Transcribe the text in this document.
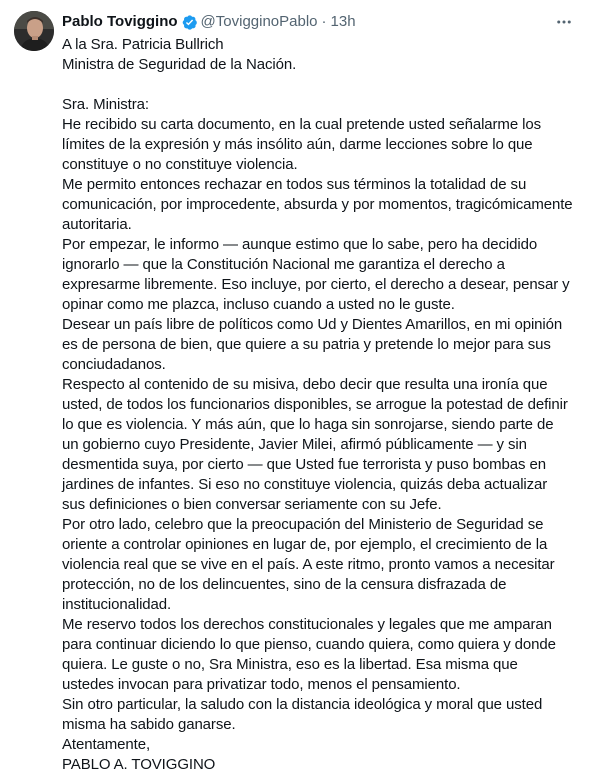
Pablo Toviggino @TovigginoPablo · 13h

A la Sra. Patricia Bullrich

Ministra de Seguridad de la Nación.

Sra. Ministra:

He recibido su carta documento, en la cual pretende usted señalarme los límites de la expresión y más insólito aún, darme lecciones sobre lo que constituye o no constituye violencia.

Me permito entonces rechazar en todos sus términos la totalidad de su comunicación, por improcedente, absurda y por momentos, tragicómicamente autoritaria.

Por empezar, le informo — aunque estimo que lo sabe, pero ha decidido ignorarlo — que la Constitución Nacional me garantiza el derecho a expresarme libremente. Eso incluye, por cierto, el derecho a desear, pensar y opinar como me plazca, incluso cuando a usted no le guste.

Desear un país libre de políticos como Ud y Dientes Amarillos, en mi opinión es de persona de bien, que quiere a su patria y pretende lo mejor para sus conciudadanos.

Respecto al contenido de su misiva, debo decir que resulta una ironía que usted, de todos los funcionarios disponibles, se arrogue la potestad de definir lo que es violencia. Y más aún, que lo haga sin sonrojarse, siendo parte de un gobierno cuyo Presidente, Javier Milei, afirmó públicamente — y sin desmentida suya, por cierto — que Usted fue terrorista y puso bombas en jardines de infantes. Si eso no constituye violencia, quizás deba actualizar sus definiciones o bien conversar seriamente con su Jefe.

Por otro lado, celebro que la preocupación del Ministerio de Seguridad se oriente a controlar opiniones en lugar de, por ejemplo, el crecimiento de la violencia real que se vive en el país. A este ritmo, pronto vamos a necesitar protección, no de los delincuentes, sino de la censura disfrazada de institucionalidad.

Me reservo todos los derechos constitucionales y legales que me amparan para continuar diciendo lo que pienso, cuando quiera, como quiera y donde quiera. Le guste o no, Sra Ministra, eso es la libertad. Esa misma que ustedes invocan para privatizar todo, menos el pensamiento.

Sin otro particular, la saludo con la distancia ideológica y moral que usted misma ha sabido ganarse.

Atentamente,

PABLO A. TOVIGGINO
